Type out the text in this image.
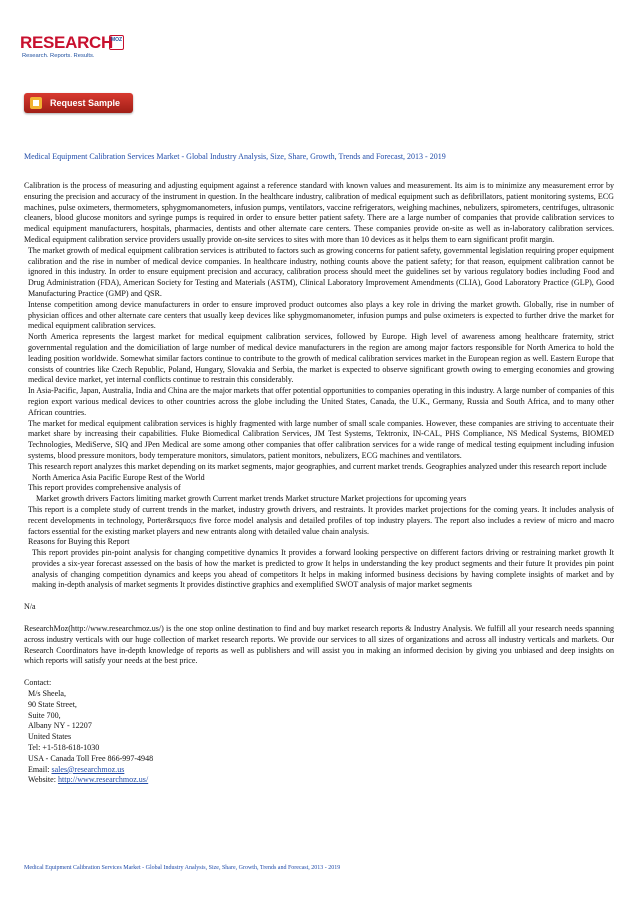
RESEARCH
MOZ
Research. Reports. Results.
Request Sample
Medical Equipment Calibration Services Market - Global Industry Analysis, Size, Share, Growth, Trends and Forecast, 2013 - 2019

Calibration is the process of measuring and adjusting equipment against a reference standard with known values and measurement. Its aim is to minimize any measurement error by ensuring the precision and accuracy of the instrument in question. In the healthcare industry, calibration of medical equipment such as defibrillators, patient monitoring systems, ECG machines, pulse oximeters, thermometers, sphygmomanometers, infusion pumps, ventilators, vaccine refrigerators, weighing machines, nebulizers, spirometers, centrifuges, ultrasonic cleaners, blood glucose monitors and syringe pumps is required in order to ensure better patient safety. There are a large number of companies that provide calibration services to medical equipment manufacturers, hospitals, pharmacies, dentists and other alternate care centers. These companies provide on-site as well as in-laboratory calibration services. Medical equipment calibration service providers usually provide on-site services to sites with more than 10 devices as it helps them to earn significant profit margin.

The market growth of medical equipment calibration services is attributed to factors such as growing concerns for patient safety, governmental legislation requiring proper equipment calibration and the rise in number of medical device companies. In healthcare industry, nothing counts above the patient safety; for that reason, equipment calibration cannot be ignored in this industry. In order to ensure equipment precision and accuracy, calibration process should meet the guidelines set by various regulatory bodies including Food and Drug Administration (FDA), American Society for Testing and Materials (ASTM), Clinical Laboratory Improvement Amendments (CLIA), Good Laboratory Practice (GLP), Good Manufacturing Practice (GMP) and QSR.

Intense competition among device manufacturers in order to ensure improved product outcomes also plays a key role in driving the market growth. Globally, rise in number of physician offices and other alternate care centers that usually keep devices like sphygmomanometer, infusion pumps and pulse oximeters is expected to further drive the market for medical equipment calibration services.

North America represents the largest market for medical equipment calibration services, followed by Europe. High level of awareness among healthcare fraternity, strict governmental regulation and the domiciliation of large number of medical device manufacturers in the region are among major factors responsible for North America to hold the leading position worldwide. Somewhat similar factors continue to contribute to the growth of medical calibration services market in the European region as well. Eastern Europe that consists of countries like Czech Republic, Poland, Hungary, Slovakia and Serbia, the market is expected to observe significant growth owing to emerging economies and growing medical device market, yet internal conflicts continue to restrain this considerably.

In Asia-Pacific, Japan, Australia, India and China are the major markets that offer potential opportunities to companies operating in this industry. A large number of companies of this region export various medical devices to other countries across the globe including the United States, Canada, the U.K., Germany, Russia and South Africa, and to many other African countries.

The market for medical equipment calibration services is highly fragmented with large number of small scale companies. However, these companies are striving to accentuate their market share by increasing their capabilities. Fluke Biomedical Calibration Services, JM Test Systems, Tektronix, IN-CAL, PHS Compliance, NS Medical Systems, BIOMED Technologies, MediServe, SIQ and JPen Medical are some among other companies that offer calibration services for a wide range of medical testing equipment including infusion systems, blood pressure monitors, body temperature monitors, simulators, patient monitors, nebulizers, ECG machines and ventilators.

This research report analyzes this market depending on its market segments, major geographies, and current market trends. Geographies analyzed under this research report include

North America Asia Pacific Europe Rest of the World

This report provides comprehensive analysis of

Market growth drivers Factors limiting market growth Current market trends Market structure Market projections for upcoming years

This report is a complete study of current trends in the market, industry growth drivers, and restraints. It provides market projections for the coming years. It includes analysis of recent developments in technology, Porter&rsquo;s five force model analysis and detailed profiles of top industry players. The report also includes a review of micro and macro factors essential for the existing market players and new entrants along with detailed value chain analysis.

Reasons for Buying this Report

This report provides pin-point analysis for changing competitive dynamics It provides a forward looking perspective on different factors driving or restraining market growth It provides a six-year forecast assessed on the basis of how the market is predicted to grow It helps in understanding the key product segments and their future It provides pin point analysis of changing competition dynamics and keeps you ahead of competitors It helps in making informed business decisions by having complete insights of market and by making in-depth analysis of market segments It provides distinctive graphics and exemplified SWOT analysis of major market segments

N/a

ResearchMoz(http://www.researchmoz.us/) is the one stop online destination to find and buy market research reports & Industry Analysis. We fulfill all your research needs spanning across industry verticals with our huge collection of market research reports. We provide our services to all sizes of organizations and across all industry verticals and markets. Our Research Coordinators have in-depth knowledge of reports as well as publishers and will assist you in making an informed decision by giving you unbiased and deep insights on which reports will satisfy your needs at the best price.

Contact:

M/s Sheela,

90 State Street,

Suite 700,

Albany NY - 12207

United States

Tel: +1-518-618-1030

USA - Canada Toll Free 866-997-4948

Email: sales@researchmoz.us

Website: http://www.researchmoz.us/

Medical Equipment Calibration Services Market - Global Industry Analysis, Size, Share, Growth, Trends and Forecast, 2013 - 2019
